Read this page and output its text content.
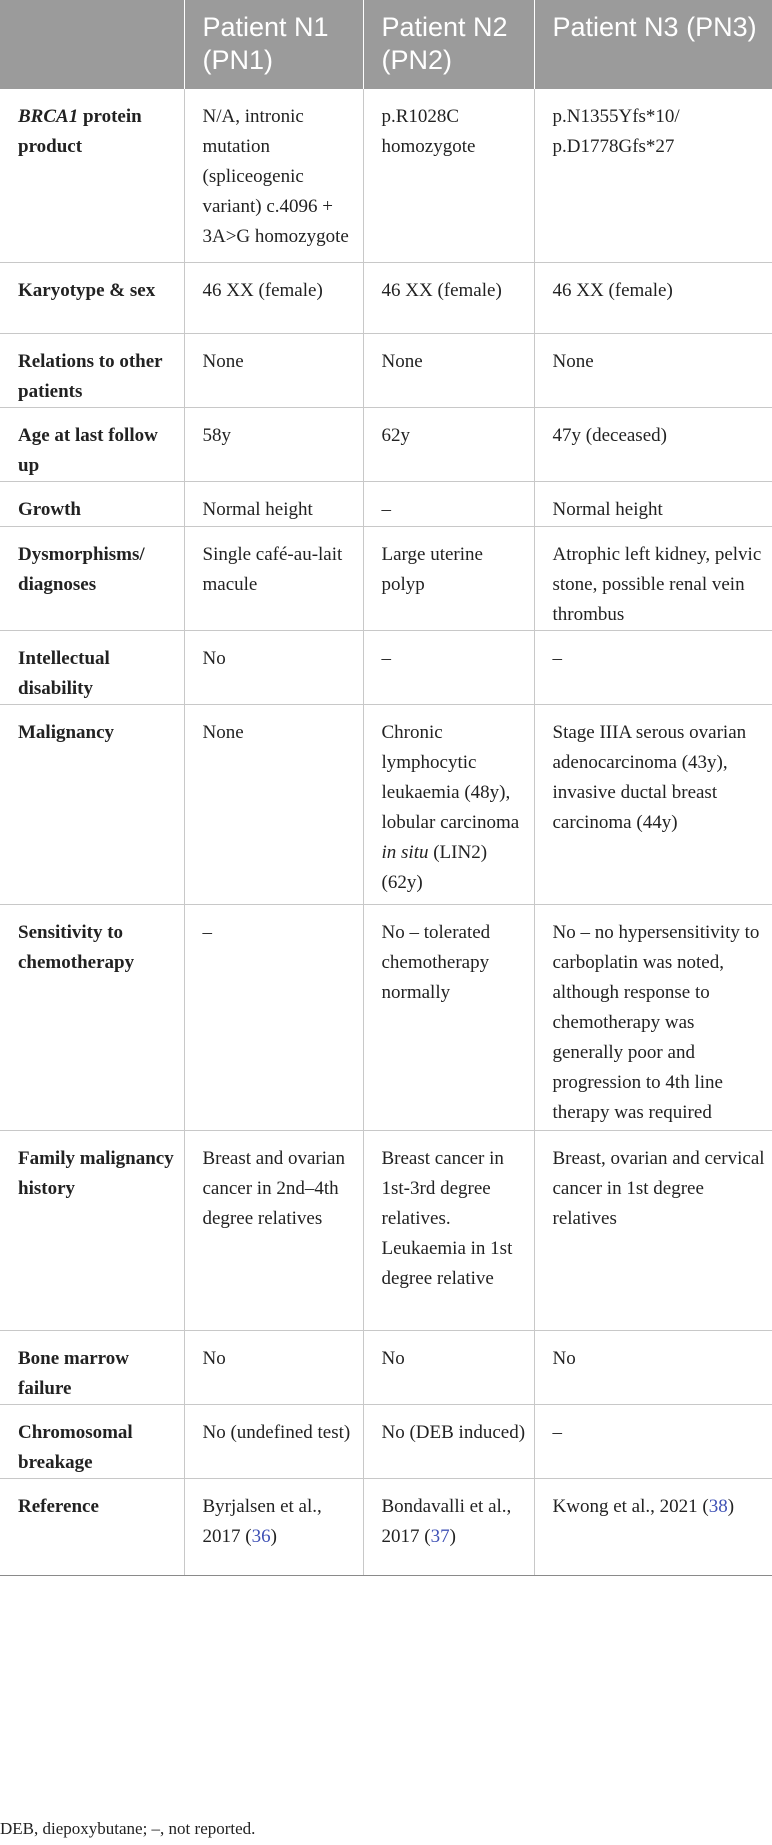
	Patient N1 (PN1)	Patient N2 (PN2)	Patient N3 (PN3)
BRCA1 protein product	N/A, intronic mutation (spliceogenic variant) c.4096 + 3A>G homozygote	p.R1028C homozygote	p.N1355Yfs*10/ p.D1778Gfs*27
Karyotype & sex	46 XX (female)	46 XX (female)	46 XX (female)
Relations to other patients	None	None	None
Age at last follow up	58y	62y	47y (deceased)
Growth	Normal height	–	Normal height
Dysmorphisms/ diagnoses	Single café-au-lait macule	Large uterine polyp	Atrophic left kidney, pelvic stone, possible renal vein thrombus
Intellectual disability	No	–	–
Malignancy	None	Chronic lymphocytic leukaemia (48y), lobular carcinoma in situ (LIN2) (62y)	Stage IIIA serous ovarian adenocarcinoma (43y), invasive ductal breast carcinoma (44y)
Sensitivity to chemotherapy	–	No – tolerated chemotherapy normally	No – no hypersensitivity to carboplatin was noted, although response to chemotherapy was generally poor and progression to 4th line therapy was required
Family malignancy history	Breast and ovarian cancer in 2nd–4th degree relatives	Breast cancer in 1st-3rd degree relatives. Leukaemia in 1st degree relative	Breast, ovarian and cervical cancer in 1st degree relatives
Bone marrow failure	No	No	No
Chromosomal breakage	No (undefined test)	No (DEB induced)	–
Reference	Byrjalsen et al., 2017 (36)	Bondavalli et al., 2017 (37)	Kwong et al., 2021 (38)
DEB, diepoxybutane; –, not reported.
